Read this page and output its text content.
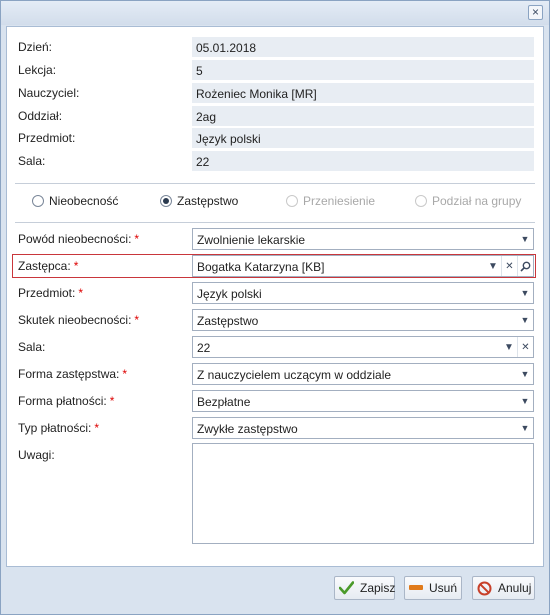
×
Dzień:	05.01.2018
Lekcja:	5
Nauczyciel:	Rożeniec Monika [MR]
Oddział:	2ag
Przedmiot:	Język polski
Sala:	22
Nieobecność	Zastępstwo	Przeniesienie	Podział na grupy
Powód nieobecności: *	Zwolnienie lekarskie	▼
Zastępca: *	Bogatka Katarzyna [KB]	▼ ✕
Przedmiot: *	Język polski	▼
Skutek nieobecności: *	Zastępstwo	▼
Sala:	22	▼ ✕
Forma zastępstwa: *	Z nauczycielem uczącym w oddziale	▼
Forma płatności: *	Bezpłatne	▼
Typ płatności: *	Zwykłe zastępstwo	▼
Uwagi:
Zapisz	Usuń	Anuluj
